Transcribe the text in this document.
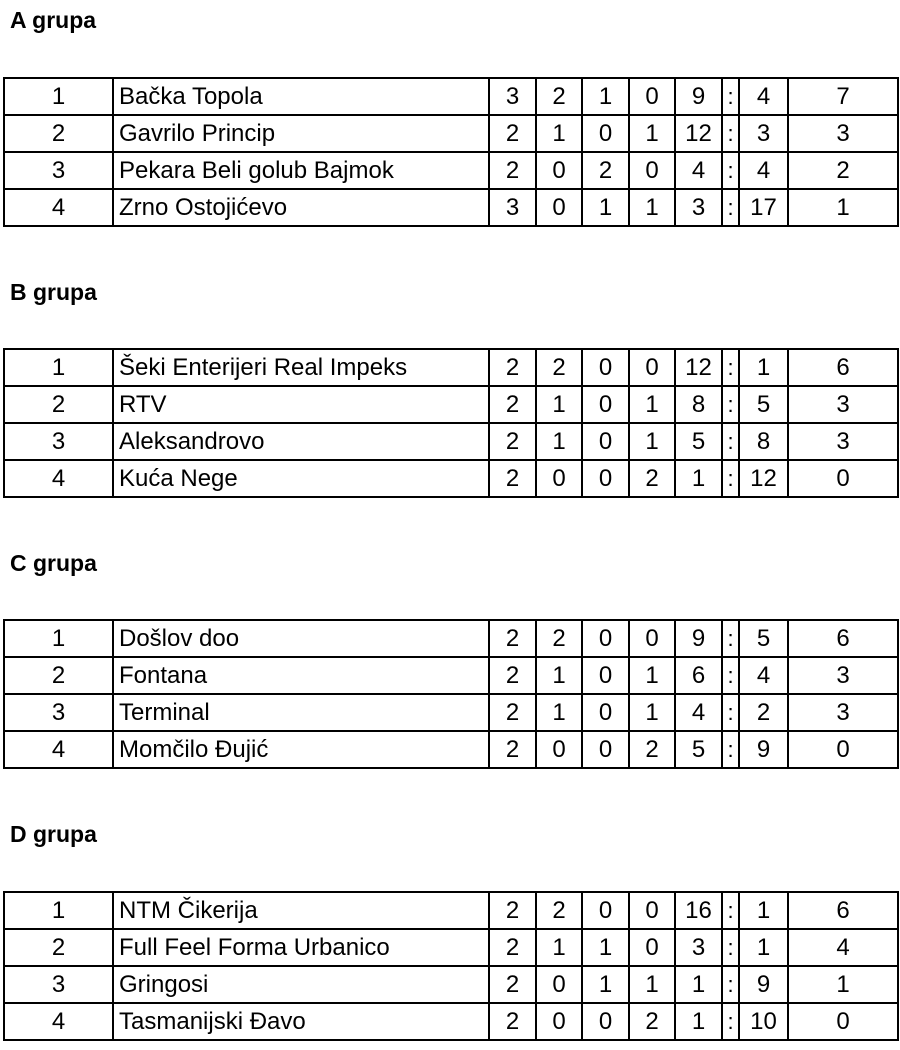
A grupa
1	Bačka Topola	3	2	1	0	9	:	4	7
2	Gavrilo Princip	2	1	0	1	12	:	3	3
3	Pekara Beli golub Bajmok	2	0	2	0	4	:	4	2
4	Zrno Ostojićevo	3	0	1	1	3	:	17	1
B grupa
1	Šeki Enterijeri Real Impeks	2	2	0	0	12	:	1	6
2	RTV	2	1	0	1	8	:	5	3
3	Aleksandrovo	2	1	0	1	5	:	8	3
4	Kuća Nege	2	0	0	2	1	:	12	0
C grupa
1	Došlov doo	2	2	0	0	9	:	5	6
2	Fontana	2	1	0	1	6	:	4	3
3	Terminal	2	1	0	1	4	:	2	3
4	Momčilo Đujić	2	0	0	2	5	:	9	0
D grupa
1	NTM Čikerija	2	2	0	0	16	:	1	6
2	Full Feel Forma Urbanico	2	1	1	0	3	:	1	4
3	Gringosi	2	0	1	1	1	:	9	1
4	Tasmanijski Đavo	2	0	0	2	1	:	10	0
